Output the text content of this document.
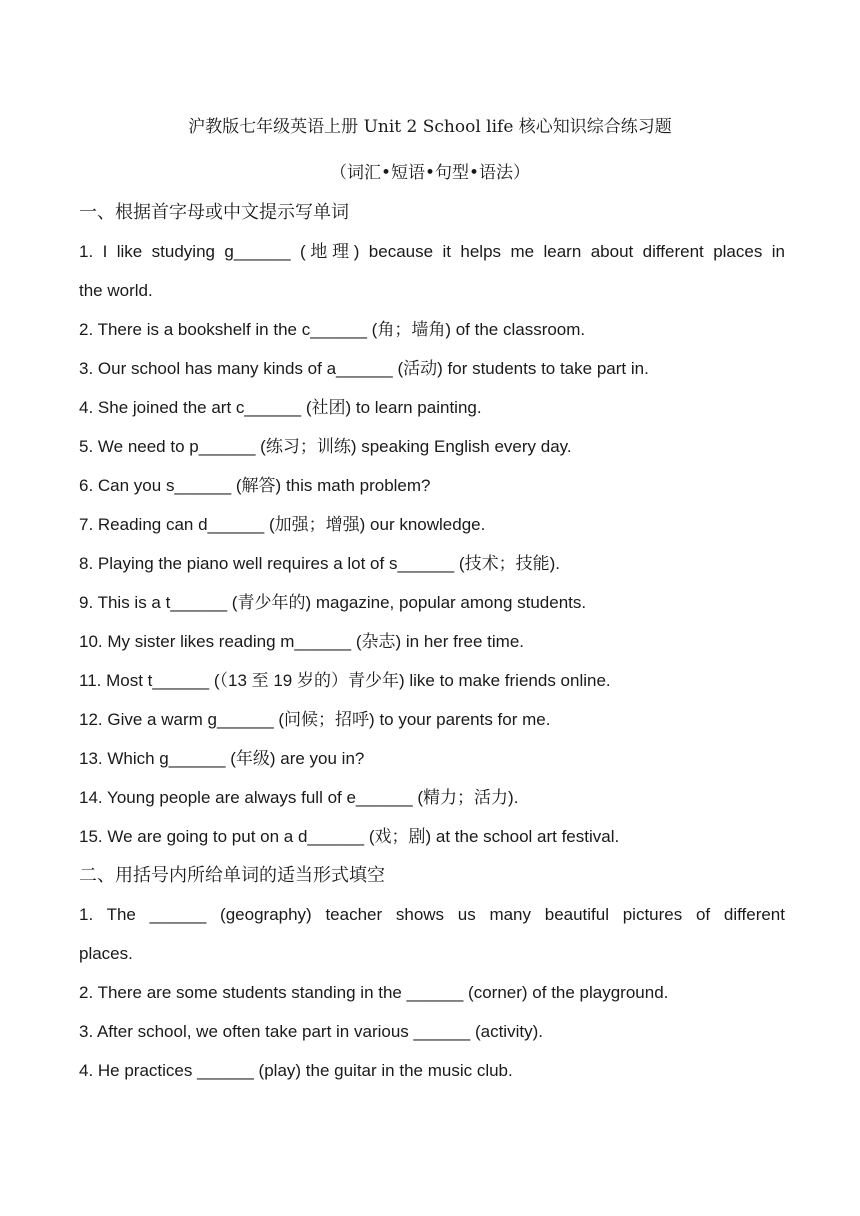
沪教版七年级英语上册 Unit 2 School life 核心知识综合练习题

（词汇•短语•句型•语法）

一、根据首字母或中文提示写单词

1. I like studying g______ (地理) because it helps me learn about different places in

the world.

2. There is a bookshelf in the c______ (角；墙角) of the classroom.

3. Our school has many kinds of a______ (活动) for students to take part in.

4. She joined the art c______ (社团) to learn painting.

5. We need to p______ (练习；训练) speaking English every day.

6. Can you s______ (解答) this math problem?

7. Reading can d______ (加强；增强) our knowledge.

8. Playing the piano well requires a lot of s______ (技术；技能).

9. This is a t______ (青少年的) magazine, popular among students.

10. My sister likes reading m______ (杂志) in her free time.

11. Most t______ (（13 至 19 岁的）青少年) like to make friends online.

12. Give a warm g______ (问候；招呼) to your parents for me.

13. Which g______ (年级) are you in?

14. Young people are always full of e______ (精力；活力).

15. We are going to put on a d______ (戏；剧) at the school art festival.

二、用括号内所给单词的适当形式填空

1. The ______ (geography) teacher shows us many beautiful pictures of different

places.

2. There are some students standing in the ______ (corner) of the playground.

3. After school, we often take part in various ______ (activity).

4. He practices ______ (play) the guitar in the music club.
